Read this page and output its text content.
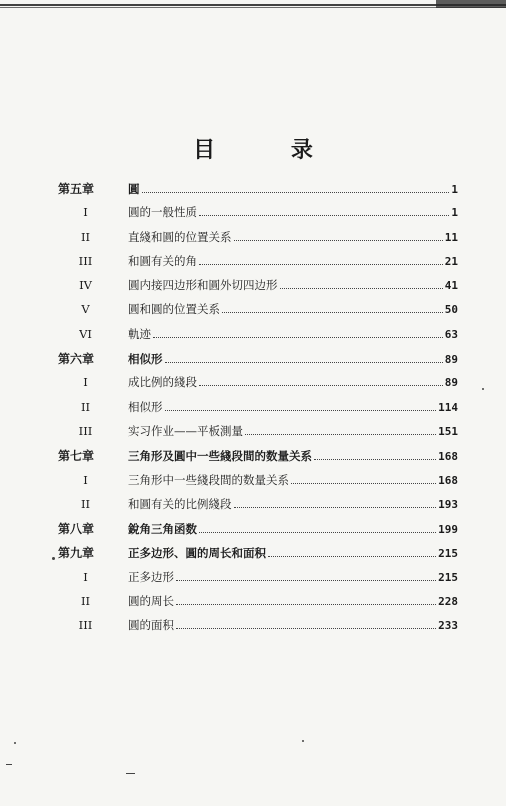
目 录
第五章	圓	1
I	圓的一般性质	1
II	直綫和圓的位置关系	11
III	和圓有关的角	21
IV	圓内接四边形和圓外切四边形	41
V	圓和圓的位置关系	50
VI	軌迹	63
第六章	相似形	89
I	成比例的綫段	89
II	相似形	114
III	实习作业——平板測量	151
第七章	三角形及圓中一些綫段間的数量关系	168
I	三角形中一些綫段間的数量关系	168
II	和圓有关的比例綫段	193
第八章	銳角三角函数	199
第九章	正多边形、圓的周长和面积	215
I	正多边形	215
II	圓的周长	228
III	圓的面积	233
